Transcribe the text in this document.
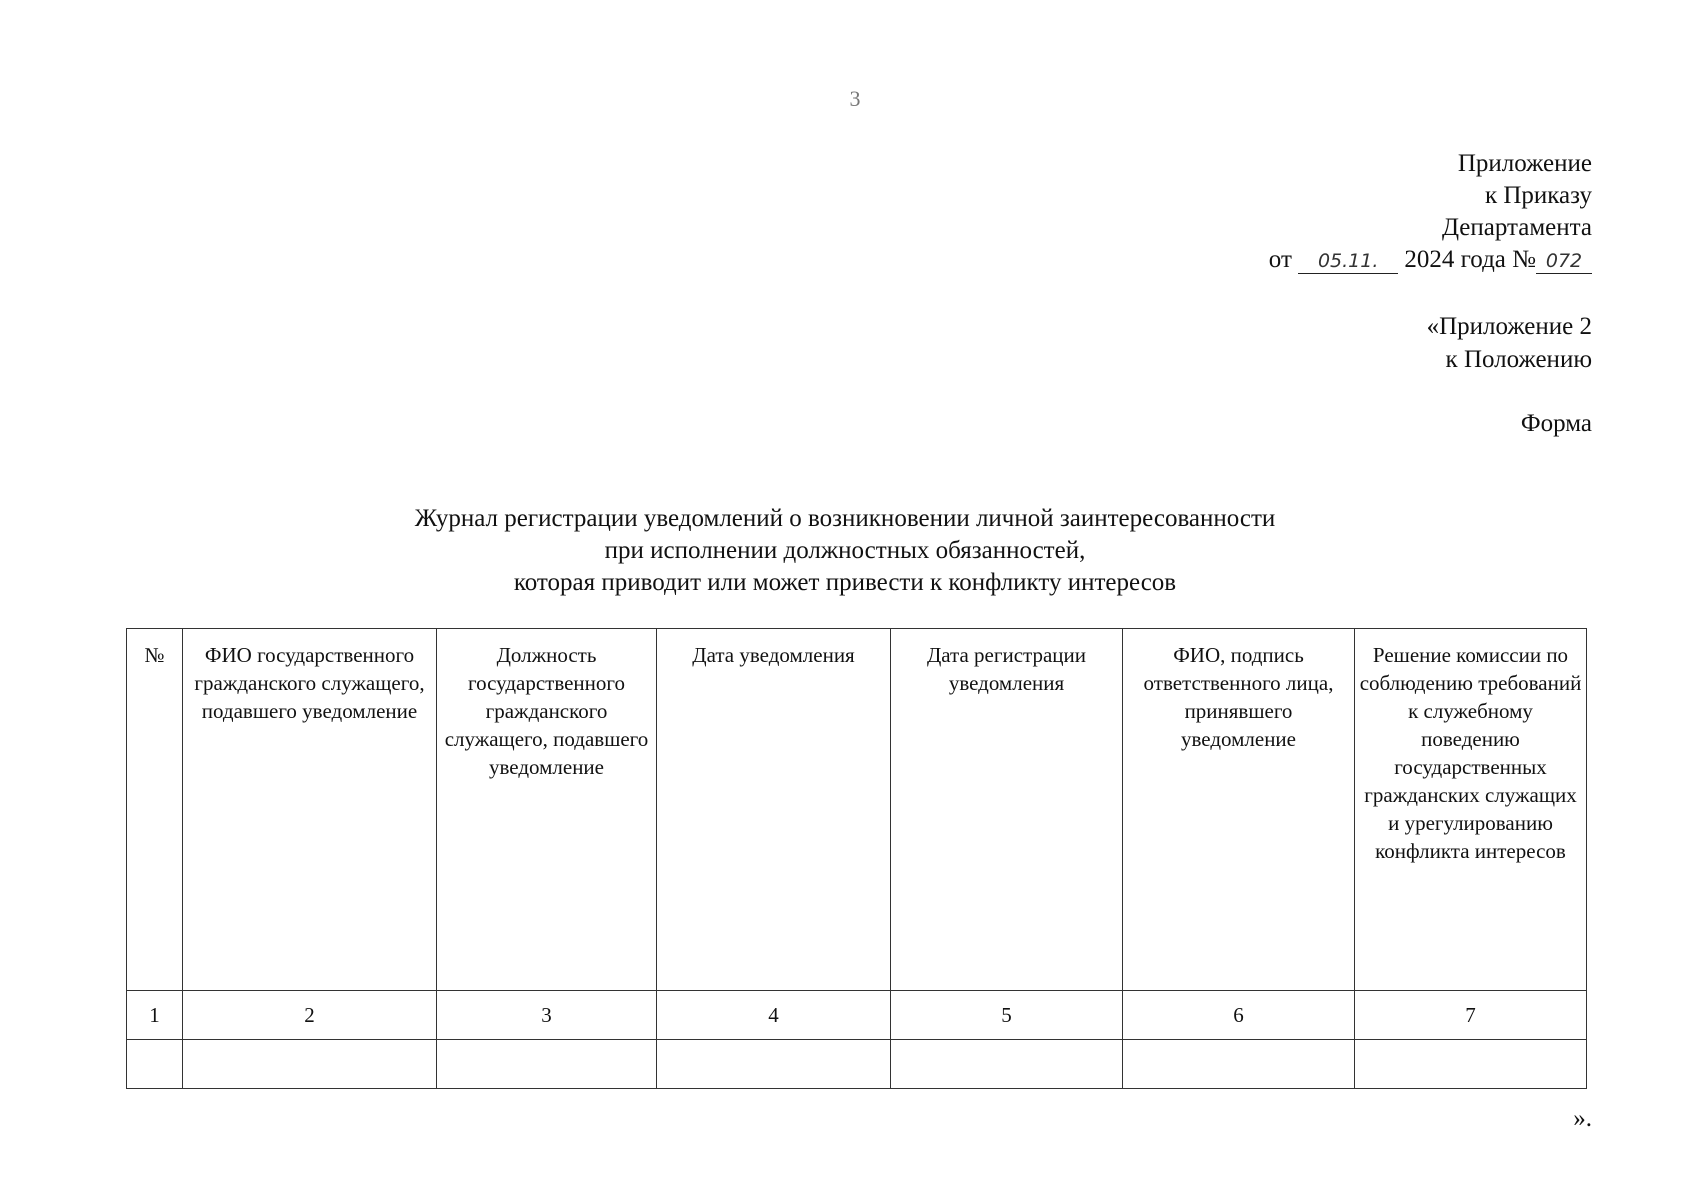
3
Приложение
к Приказу
Департамента
от 05.11. 2024 года № 072
«Приложение 2
к Положению
Форма
Журнал регистрации уведомлений о возникновении личной заинтересованности
при исполнении должностных обязанностей,
которая приводит или может привести к конфликту интересов
№	ФИО государственного гражданского служащего, подавшего уведомление	Должность государственного гражданского служащего, подавшего уведомление	Дата уведомления	Дата регистрации уведомления	ФИО, подпись ответственного лица, принявшего уведомление	Решение комиссии по соблюдению требований к служебному поведению государственных гражданских служащих и урегулированию конфликта интересов
1	2	3	4	5	6	7

».
